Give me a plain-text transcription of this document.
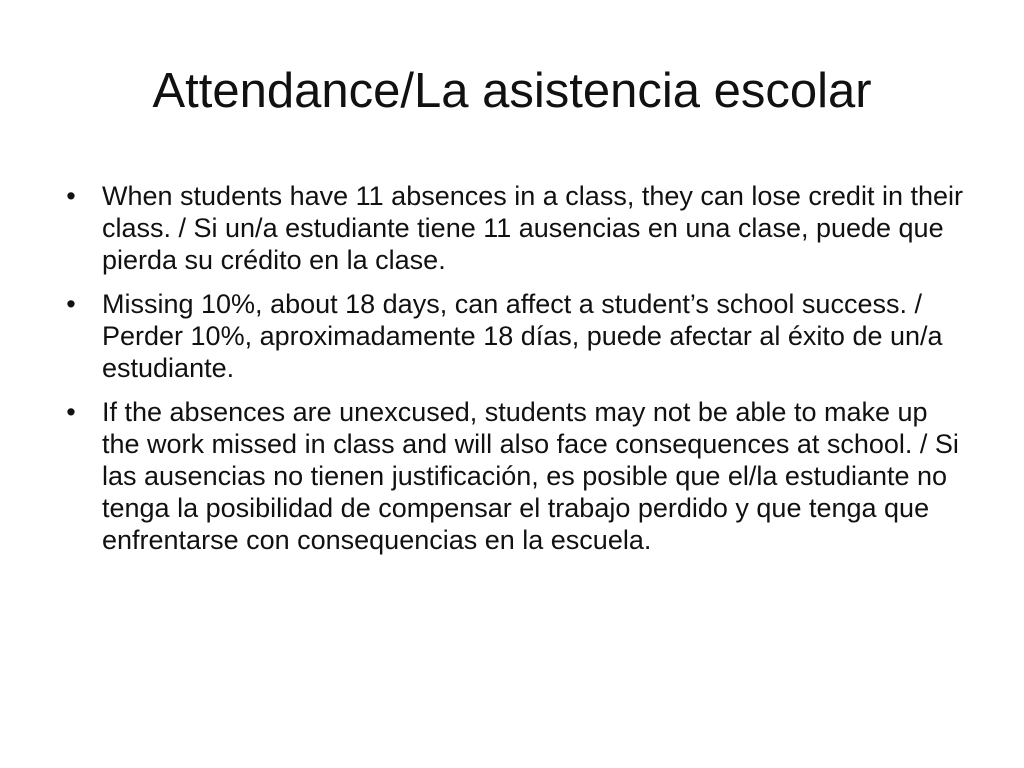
Attendance/La asistencia escolar
• When students have 11 absences in a class, they can lose credit in their class. / Si un/a estudiante tiene 11 ausencias en una clase, puede que pierda su crédito en la clase.
• Missing 10%, about 18 days, can affect a student’s school success. / Perder 10%, aproximadamente 18 días, puede afectar al éxito de un/a estudiante.
• If the absences are unexcused, students may not be able to make up the work missed in class and will also face consequences at school. / Si las ausencias no tienen justificación, es posible que el/la estudiante no tenga la posibilidad de compensar el trabajo perdido y que tenga que enfrentarse con consequencias en la escuela.
